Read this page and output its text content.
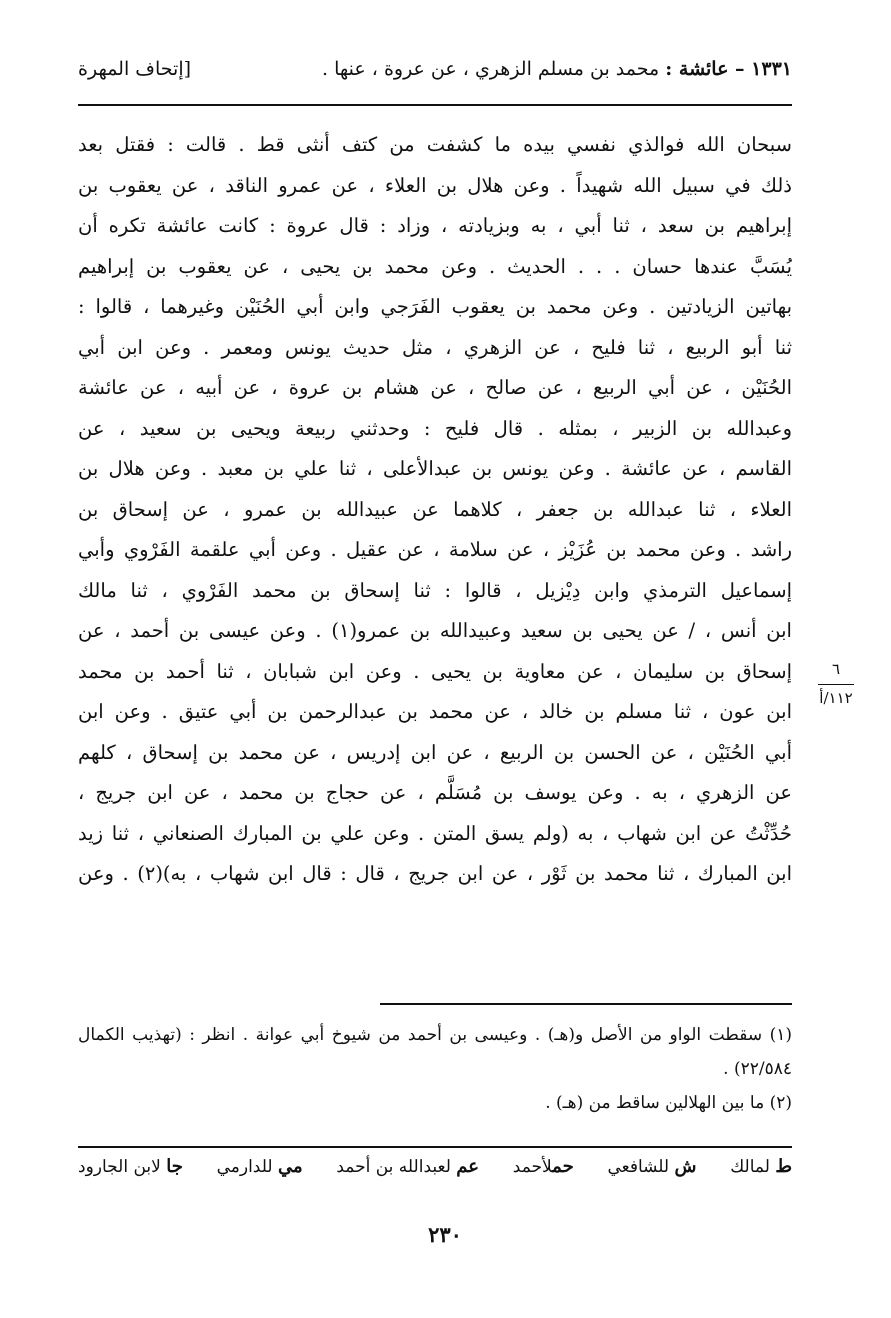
١٣٣١ – عائشة : محمد بن مسلم الزهري ، عن عروة ، عنها .
[إتحاف المهرة
سبحان الله فوالذي نفسي بيده ما كشفت من كتف أنثى قط . قالت : فقتل بعد
ذلك في سبيل الله شهيداً . وعن هلال بن العلاء ، عن عمرو الناقد ، عن يعقوب بن
إبراهيم بن سعد ، ثنا أبي ، به وبزيادته ، وزاد : قال عروة : كانت عائشة تكره أن
يُسَبَّ عندها حسان . . . الحديث . وعن محمد بن يحيى ، عن يعقوب بن إبراهيم
بهاتين الزيادتين . وعن محمد بن يعقوب الفَرَجي وابن أبي الحُنَيْن وغيرهما ، قالوا :
ثنا أبو الربيع ، ثنا فليح ، عن الزهري ، مثل حديث يونس ومعمر . وعن ابن أبي
الحُنَيْن ، عن أبي الربيع ، عن صالح ، عن هشام بن عروة ، عن أبيه ، عن عائشة
وعبدالله بن الزبير ، بمثله . قال فليح : وحدثني ربيعة ويحيى بن سعيد ، عن
القاسم ، عن عائشة . وعن يونس بن عبدالأعلى ، ثنا علي بن معبد . وعن هلال بن
العلاء ، ثنا عبدالله بن جعفر ، كلاهما عن عبيدالله بن عمرو ، عن إسحاق بن
راشد . وعن محمد بن عُزَيْز ، عن سلامة ، عن عقيل . وعن أبي علقمة الفَرْوي وأبي
إسماعيل الترمذي وابن دِيْزيل ، قالوا : ثنا إسحاق بن محمد الفَرْوي ، ثنا مالك
ابن أنس ، / عن يحيى بن سعيد وعبيدالله بن عمرو(١) . وعن عيسى بن أحمد ، عن
إسحاق بن سليمان ، عن معاوية بن يحيى . وعن ابن شبابان ، ثنا أحمد بن محمد
ابن عون ، ثنا مسلم بن خالد ، عن محمد بن عبدالرحمن بن أبي عتيق . وعن ابن
أبي الحُنَيْن ، عن الحسن بن الربيع ، عن ابن إدريس ، عن محمد بن إسحاق ، كلهم
عن الزهري ، به . وعن يوسف بن مُسَلَّم ، عن حجاج بن محمد ، عن ابن جريج ،
حُدِّثْتُ عن ابن شهاب ، به (ولم يسق المتن . وعن علي بن المبارك الصنعاني ، ثنا زيد
ابن المبارك ، ثنا محمد بن ثَوْر ، عن ابن جريج ، قال : قال ابن شهاب ، به)(٢) . وعن
٦
١١٢/أ
(١) سقطت الواو من الأصل و(هـ) . وعيسى بن أحمد من شيوخ أبي عوانة . انظر : (تهذيب الكمال ٢٢/٥٨٤) .
(٢) ما بين الهلالين ساقط من (هـ) .
ط لمالك
ش للشافعي
حملأحمد
عم لعبدالله بن أحمد
مي للدارمي
جا لابن الجارود
٢٣٠
